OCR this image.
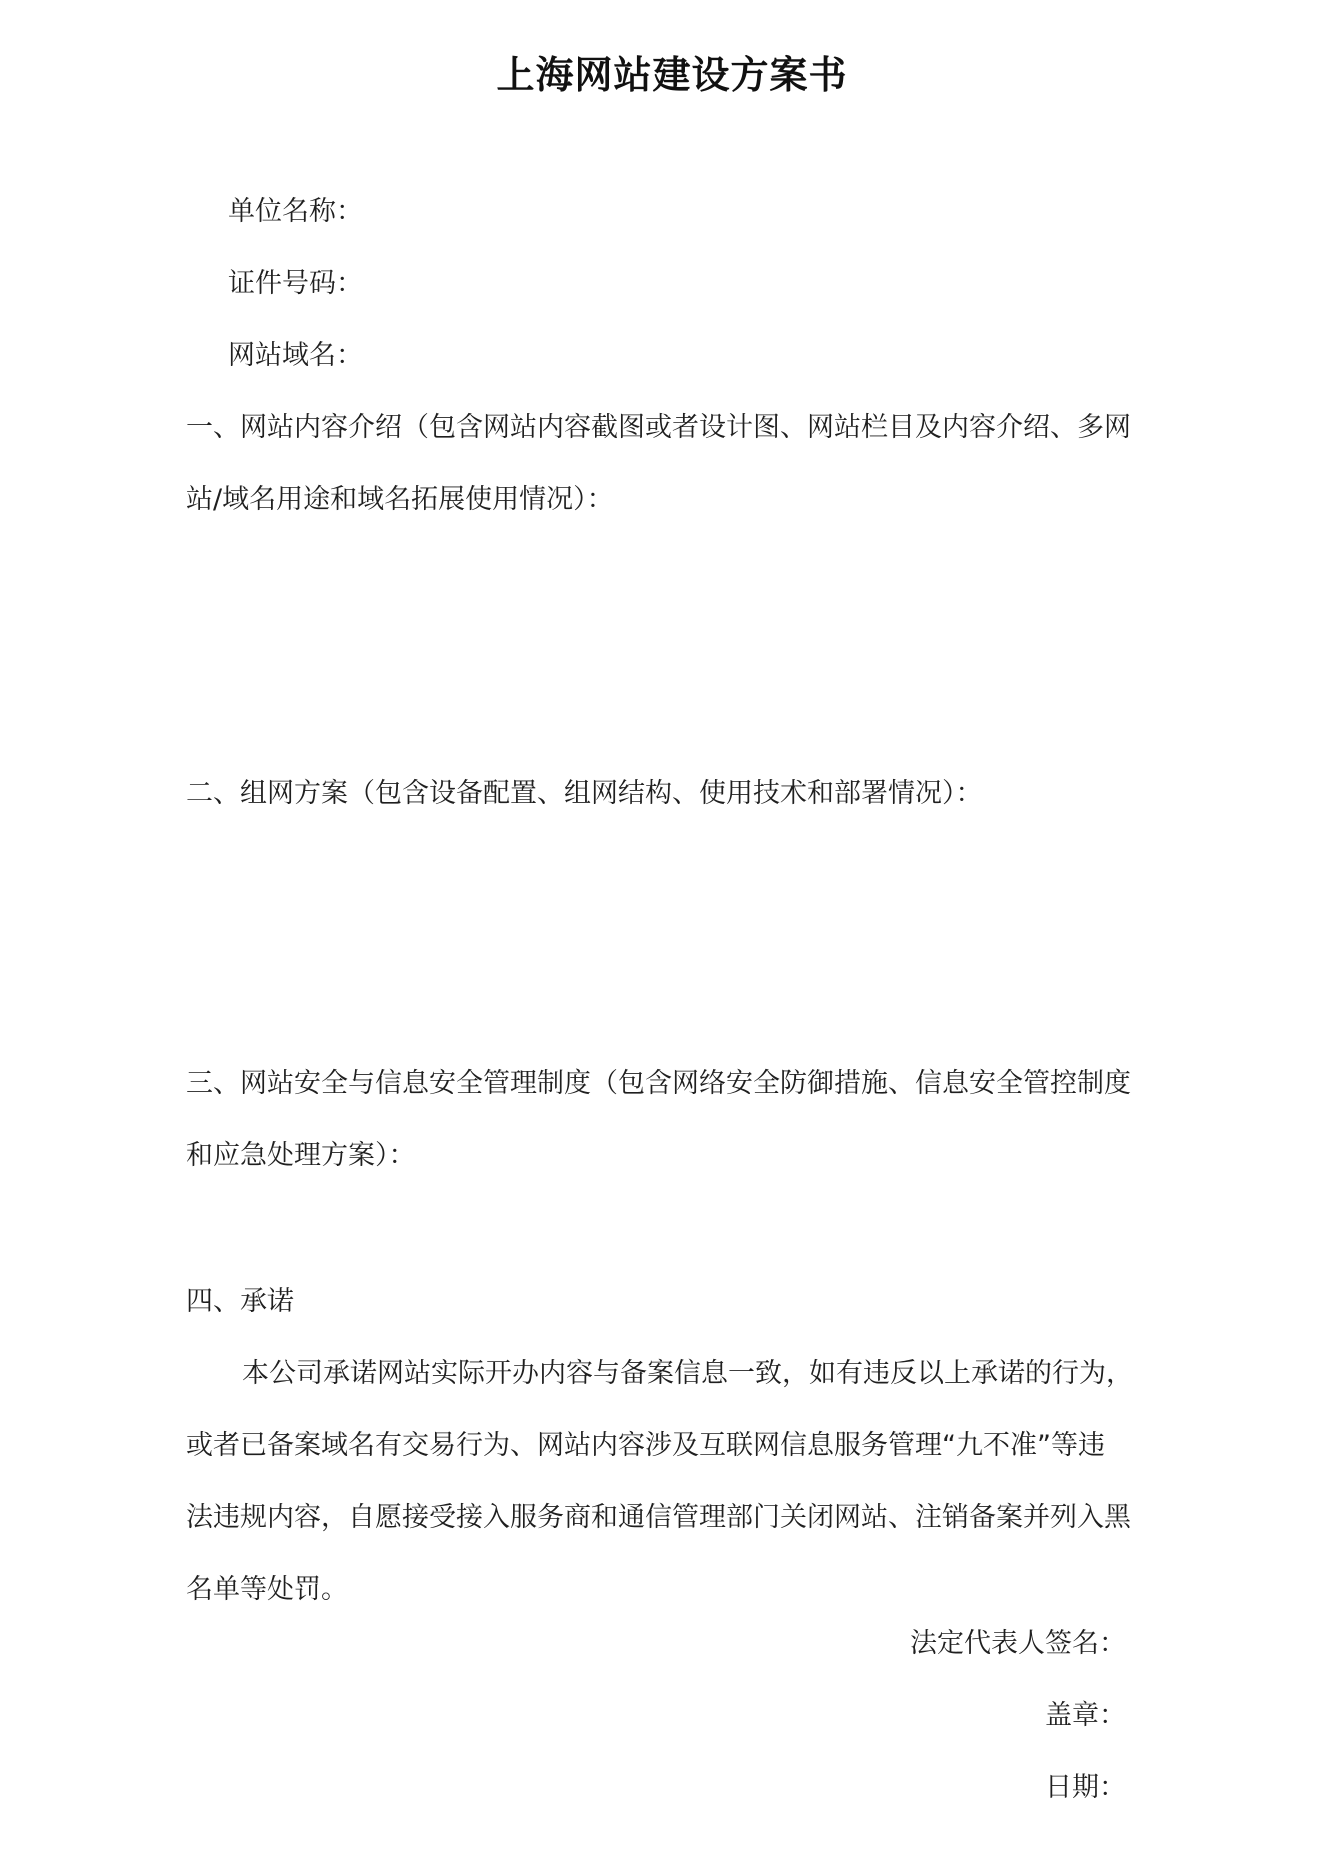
上海网站建设方案书
单位名称：
证件号码：
网站域名：
一、网站内容介绍（包含网站内容截图或者设计图、网站栏目及内容介绍、多网
站/域名用途和域名拓展使用情况）：
二、组网方案（包含设备配置、组网结构、使用技术和部署情况）：
三、网站安全与信息安全管理制度（包含网络安全防御措施、信息安全管控制度
和应急处理方案）：
四、承诺
本公司承诺网站实际开办内容与备案信息一致，如有违反以上承诺的行为，
或者已备案域名有交易行为、网站内容涉及互联网信息服务管理“九不准”等违
法违规内容，自愿接受接入服务商和通信管理部门关闭网站、注销备案并列入黑
名单等处罚。
法定代表人签名：
盖章：
日期：
